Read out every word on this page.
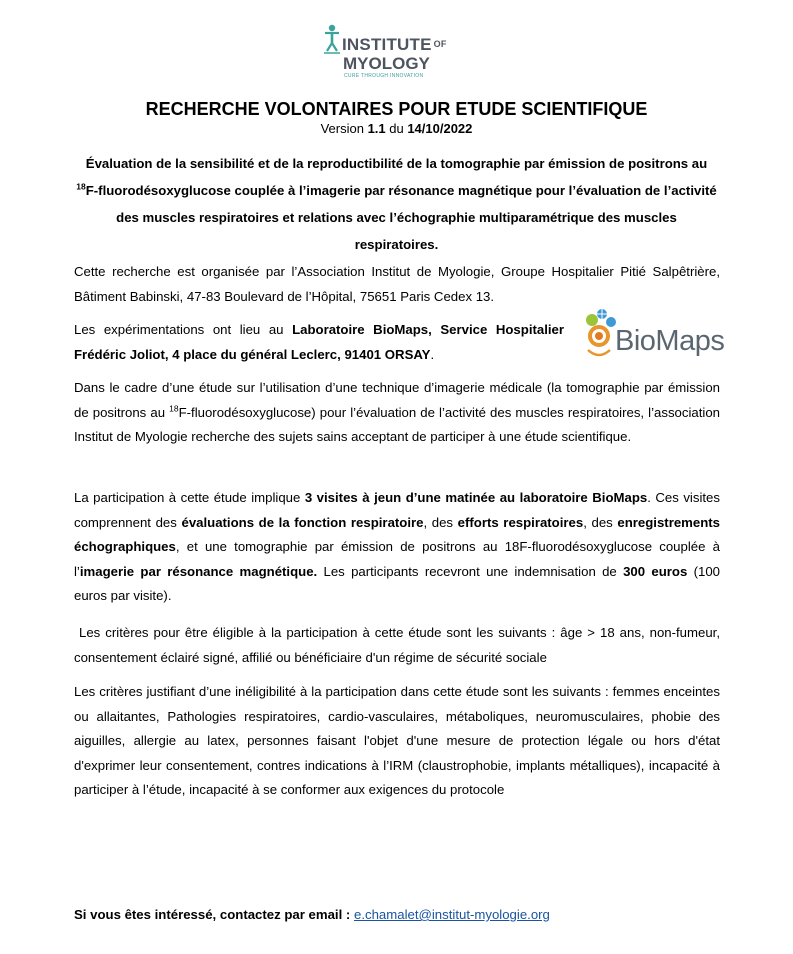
INSTITUTE OF
MYOLOGY
CURE THROUGH INNOVATION
RECHERCHE VOLONTAIRES POUR ETUDE SCIENTIFIQUE
Version 1.1 du 14/10/2022
Évaluation de la sensibilité et de la reproductibilité de la tomographie par émission de positrons au $^{18}$F-fluorodésoxyglucose couplée à l’imagerie par résonance magnétique pour l’évaluation de l’activité des muscles respiratoires et relations avec l’échographie multiparamétrique des muscles respiratoires.

Cette recherche est organisée par l’Association Institut de Myologie, Groupe Hospitalier Pitié Salpêtrière, Bâtiment Babinski, 47-83 Boulevard de l’Hôpital, 75651 Paris Cedex 13.

Les expérimentations ont lieu au Laboratoire BioMaps, Service Hospitalier Frédéric Joliot, 4 place du général Leclerc, 91401 ORSAY.	BioMaps

Dans le cadre d’une étude sur l’utilisation d’une technique d’imagerie médicale (la tomographie par émission de positrons au $^{18}$F-fluorodésoxyglucose) pour l’évaluation de l’activité des muscles respiratoires, l’association Institut de Myologie recherche des sujets sains acceptant de participer à une étude scientifique.

La participation à cette étude implique 3 visites à jeun d’une matinée au laboratoire BioMaps. Ces visites comprennent des évaluations de la fonction respiratoire, des efforts respiratoires, des enregistrements échographiques, et une tomographie par émission de positrons au 18F-fluorodésoxyglucose couplée à l’imagerie par résonance magnétique. Les participants recevront une indemnisation de 300 euros (100 euros par visite).

Les critères pour être éligible à la participation à cette étude sont les suivants : âge > 18 ans, non-fumeur, consentement éclairé signé, affilié ou bénéficiaire d'un régime de sécurité sociale

Les critères justifiant d’une inéligibilité à la participation dans cette étude sont les suivants : femmes enceintes ou allaitantes, Pathologies respiratoires, cardio-vasculaires, métaboliques, neuromusculaires, phobie des aiguilles, allergie au latex, personnes faisant l'objet d'une mesure de protection légale ou hors d'état d'exprimer leur consentement, contres indications à l’IRM (claustrophobie, implants métalliques), incapacité à participer à l’étude, incapacité à se conformer aux exigences du protocole

Si vous êtes intéressé, contactez par email : e.chamalet@institut-myologie.org
